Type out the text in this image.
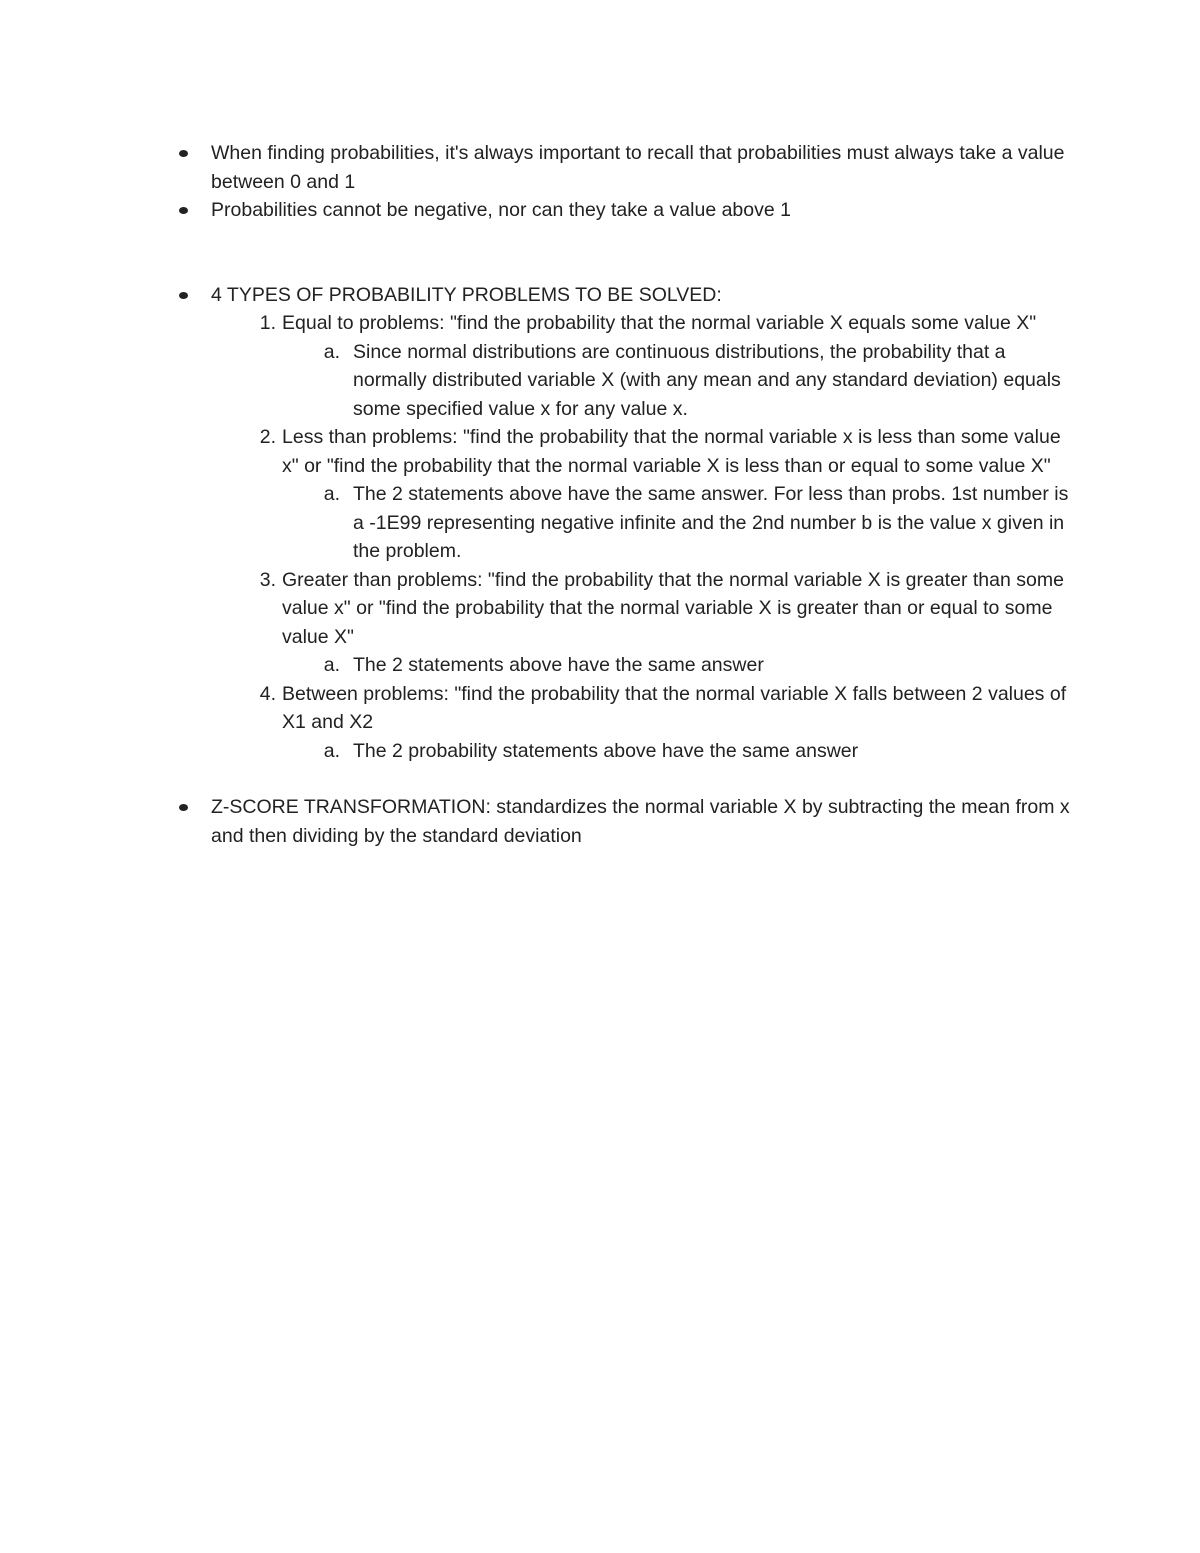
When finding probabilities, it's always important to recall that probabilities must always take a value between 0 and 1
Probabilities cannot be negative, nor can they take a value above 1
4 TYPES OF PROBABILITY PROBLEMS TO BE SOLVED:
1. Equal to problems: "find the probability that the normal variable X equals some value X"
a. Since normal distributions are continuous distributions, the probability that a normally distributed variable X (with any mean and any standard deviation) equals some specified value x for any value x.
2. Less than problems: "find the probability that the normal variable x is less than some value x" or "find the probability that the normal variable X is less than or equal to some value X"
a. The 2 statements above have the same answer. For less than probs. 1st number is a -1E99 representing negative infinite and the 2nd number b is the value x given in the problem.
3. Greater than problems: "find the probability that the normal variable X is greater than some value x" or "find the probability that the normal variable X is greater than or equal to some value X"
a. The 2 statements above have the same answer
4. Between problems: "find the probability that the normal variable X falls between 2 values of X1 and X2
a. The 2 probability statements above have the same answer
Z-SCORE TRANSFORMATION: standardizes the normal variable X by subtracting the mean from x and then dividing by the standard deviation
